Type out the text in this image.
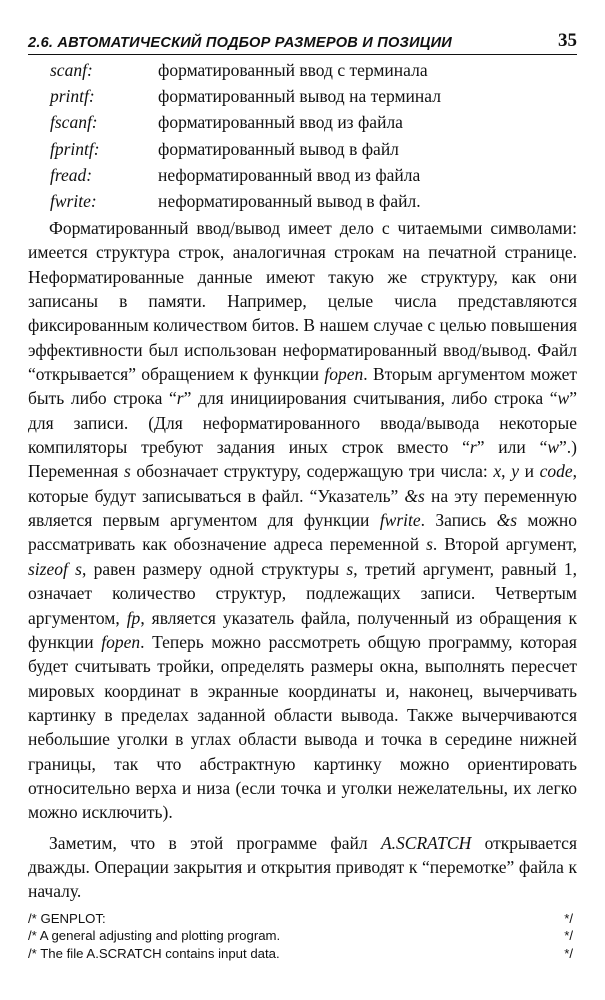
2.6. АВТОМАТИЧЕСКИЙ ПОДБОР РАЗМЕРОВ И ПОЗИЦИИ	35
scanf:	форматированный ввод с терминала
printf:	форматированный вывод на терминал
fscanf:	форматированный ввод из файла
fprintf:	форматированный вывод в файл
fread:	неформатированный ввод из файла
fwrite:	неформатированный вывод в файл.

Форматированный ввод/вывод имеет дело с читаемыми символами: имеется структура строк, аналогичная строкам на печатной странице. Неформатированные данные имеют такую же структуру, как они записаны в памяти. Например, целые числа представляются фиксированным количеством битов. В нашем случае с целью повышения эффективности был использован неформатированный ввод/вывод. Файл “открывается” обращением к функции fopen. Вторым аргументом может быть либо строка “r” для инициирования считывания, либо строка “w” для записи. (Для неформатированного ввода/вывода некоторые компиляторы требуют задания иных строк вместо “r” или “w”.) Переменная s обозначает структуру, содержащую три числа: x, y и code, которые будут записываться в файл. “Указатель” &s на эту переменную является первым аргументом для функции fwrite. Запись &s можно рассматривать как обозначение адреса переменной s. Второй аргумент, sizeof s, равен размеру одной структуры s, третий аргумент, равный 1, означает количество структур, подлежащих записи. Четвертым аргументом, fp, является указатель файла, полученный из обращения к функции fopen. Теперь можно рассмотреть общую программу, которая будет считывать тройки, определять размеры окна, выполнять пересчет мировых координат в экранные координаты и, наконец, вычерчивать картинку в пределах заданной области вывода. Также вычерчиваются небольшие уголки в углах области вывода и точка в середине нижней границы, так что абстрактную картинку можно ориентировать относительно верха и низа (если точка и уголки нежелательны, их легко можно исключить).

Заметим, что в этой программе файл A.SCRATCH открывается дважды. Операции закрытия и открытия приводят к “перемотке” файла к началу.

/* GENPLOT:	*/
/* A general adjusting and plotting program.	*/
/* The file A.SCRATCH contains input data.	*/
